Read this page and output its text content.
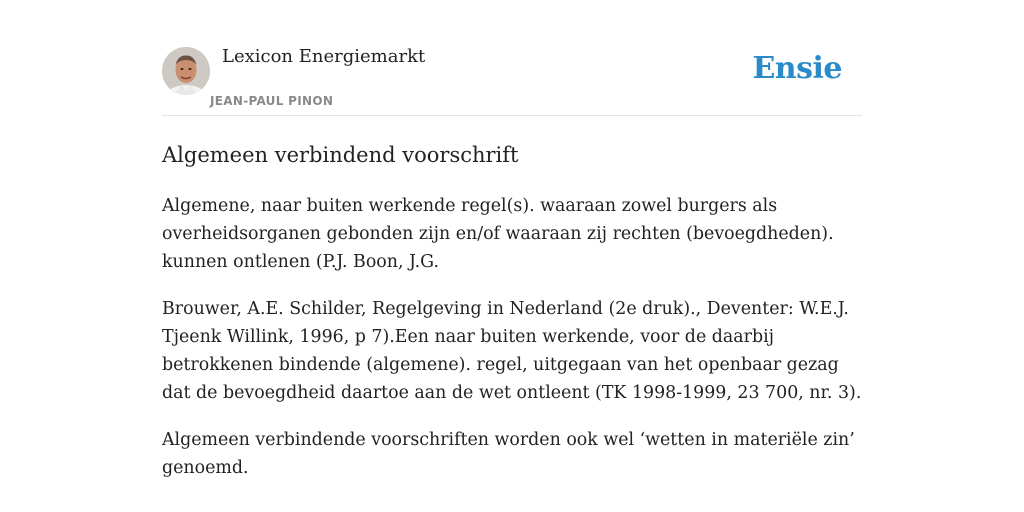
Lexicon Energiemarkt
JEAN-PAUL PINON
Ensie
Algemeen verbindend voorschrift

Algemene, naar buiten werkende regel(s). waaraan zowel burgers als overheidsorganen gebonden zijn en/of waaraan zij rechten (bevoegdheden). kunnen ontlenen (P.J. Boon, J.G.

Brouwer, A.E. Schilder, Regelgeving in Nederland (2e druk)., Deventer: W.E.J. Tjeenk Willink, 1996, p 7).Een naar buiten werkende, voor de daarbij betrokkenen bindende (algemene). regel, uitgegaan van het openbaar gezag dat de bevoegdheid daartoe aan de wet ontleent (TK 1998-1999, 23 700, nr. 3).

Algemeen verbindende voorschriften worden ook wel ‘wetten in materiële zin’ genoemd.
